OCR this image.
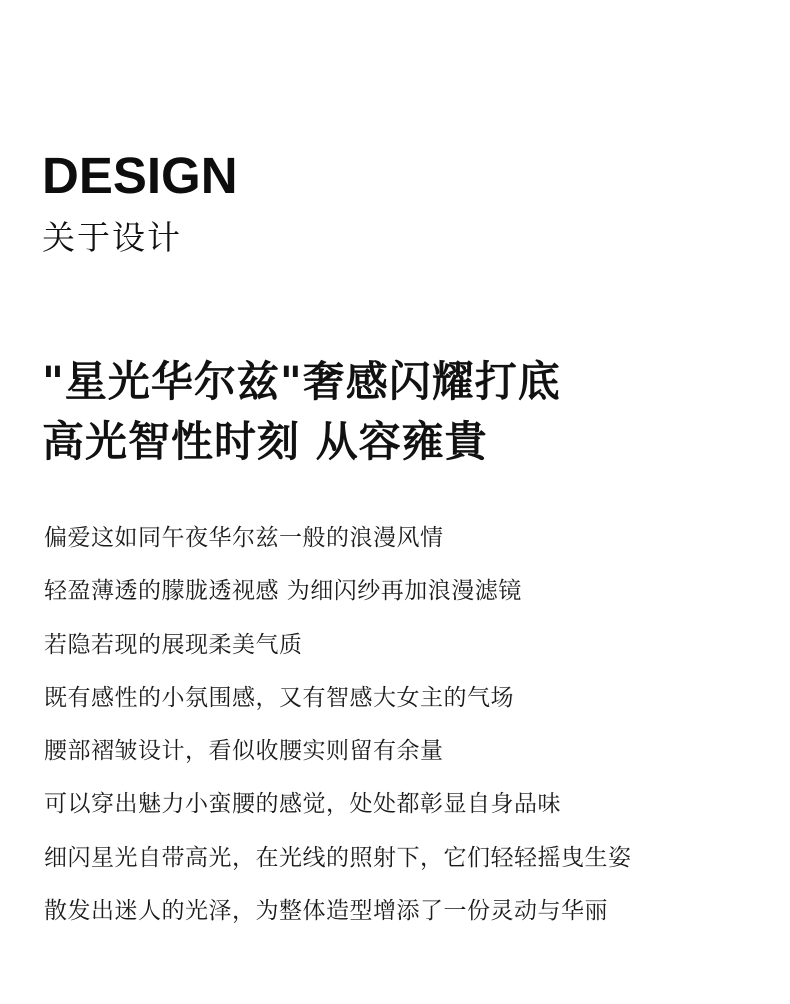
DESIGN
关于设计
"星光华尔兹"奢感闪耀打底
高光智性时刻 从容雍貴
偏爱这如同午夜华尔兹一般的浪漫风情
轻盈薄透的朦胧透视感 为细闪纱再加浪漫滤镜
若隐若现的展现柔美气质
既有感性的小氛围感，又有智感大女主的气场
腰部褶皱设计，看似收腰实则留有余量
可以穿出魅力小蛮腰的感觉，处处都彰显自身品味
细闪星光自带高光，在光线的照射下，它们轻轻摇曳生姿
散发出迷人的光泽，为整体造型增添了一份灵动与华丽
